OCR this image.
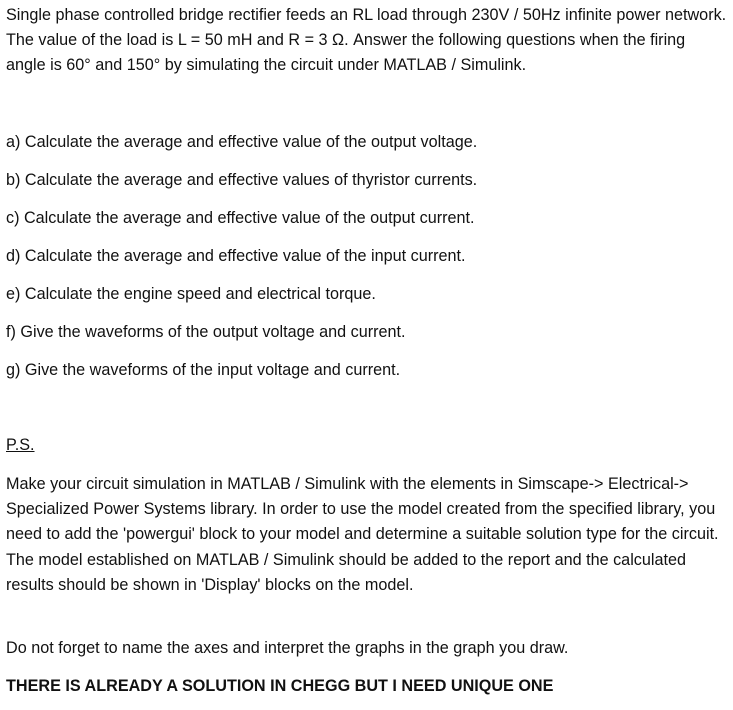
Single phase controlled bridge rectifier feeds an RL load through 230V / 50Hz infinite power network. The value of the load is L = 50 mH and R = 3 Ω. Answer the following questions when the firing angle is 60° and 150° by simulating the circuit under MATLAB / Simulink.

a) Calculate the average and effective value of the output voltage.

b) Calculate the average and effective values of thyristor currents.

c) Calculate the average and effective value of the output current.

d) Calculate the average and effective value of the input current.

e) Calculate the engine speed and electrical torque.

f) Give the waveforms of the output voltage and current.

g) Give the waveforms of the input voltage and current.

P.S.

Make your circuit simulation in MATLAB / Simulink with the elements in Simscape-> Electrical-> Specialized Power Systems library. In order to use the model created from the specified library, you need to add the 'powergui' block to your model and determine a suitable solution type for the circuit. The model established on MATLAB / Simulink should be added to the report and the calculated results should be shown in 'Display' blocks on the model.

Do not forget to name the axes and interpret the graphs in the graph you draw.

THERE IS ALREADY A SOLUTION IN CHEGG BUT I NEED UNIQUE ONE
